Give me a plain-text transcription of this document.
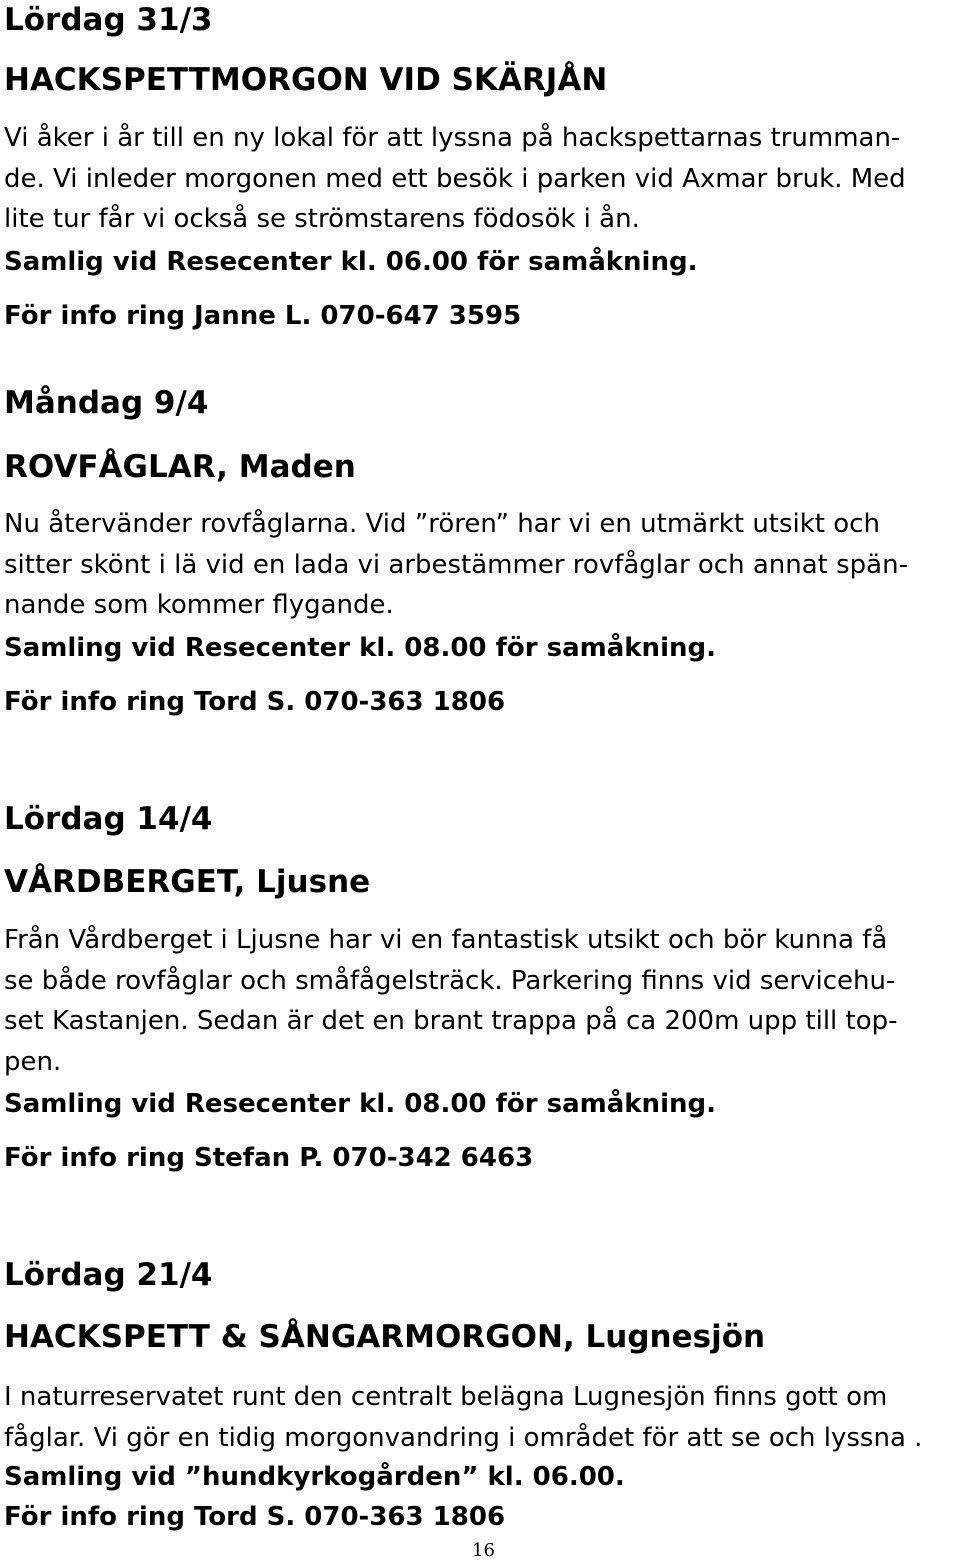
Lördag 31/3
HACKSPETTMORGON VID SKÄRJÅN

Vi åker i år till en ny lokal för att lyssna på hackspettarnas trumman-
de. Vi inleder morgonen med ett besök i parken vid Axmar bruk. Med
lite tur får vi också se strömstarens födosök i ån.

Samlig vid Resecenter kl. 06.00 för samåkning.

För info ring Janne L. 070-647 3595

Måndag 9/4
ROVFÅGLAR, Maden

Nu återvänder rovfåglarna. Vid ”rören” har vi en utmärkt utsikt och
sitter skönt i lä vid en lada vi arbestämmer rovfåglar och annat spän-
nande som kommer flygande.

Samling vid Resecenter kl. 08.00 för samåkning.

För info ring Tord S. 070-363 1806

Lördag 14/4
VÅRDBERGET, Ljusne

Från Vårdberget i Ljusne har vi en fantastisk utsikt och bör kunna få
se både rovfåglar och småfågelsträck. Parkering finns vid servicehu-
set Kastanjen. Sedan är det en brant trappa på ca 200m upp till top-
pen.

Samling vid Resecenter kl. 08.00 för samåkning.

För info ring Stefan P. 070-342 6463

Lördag 21/4
HACKSPETT & SÅNGARMORGON, Lugnesjön

I naturreservatet runt den centralt belägna Lugnesjön finns gott om
fåglar. Vi gör en tidig morgonvandring i området för att se och lyssna .

Samling vid ”hundkyrkogården” kl. 06.00.

För info ring Tord S. 070-363 1806

16
